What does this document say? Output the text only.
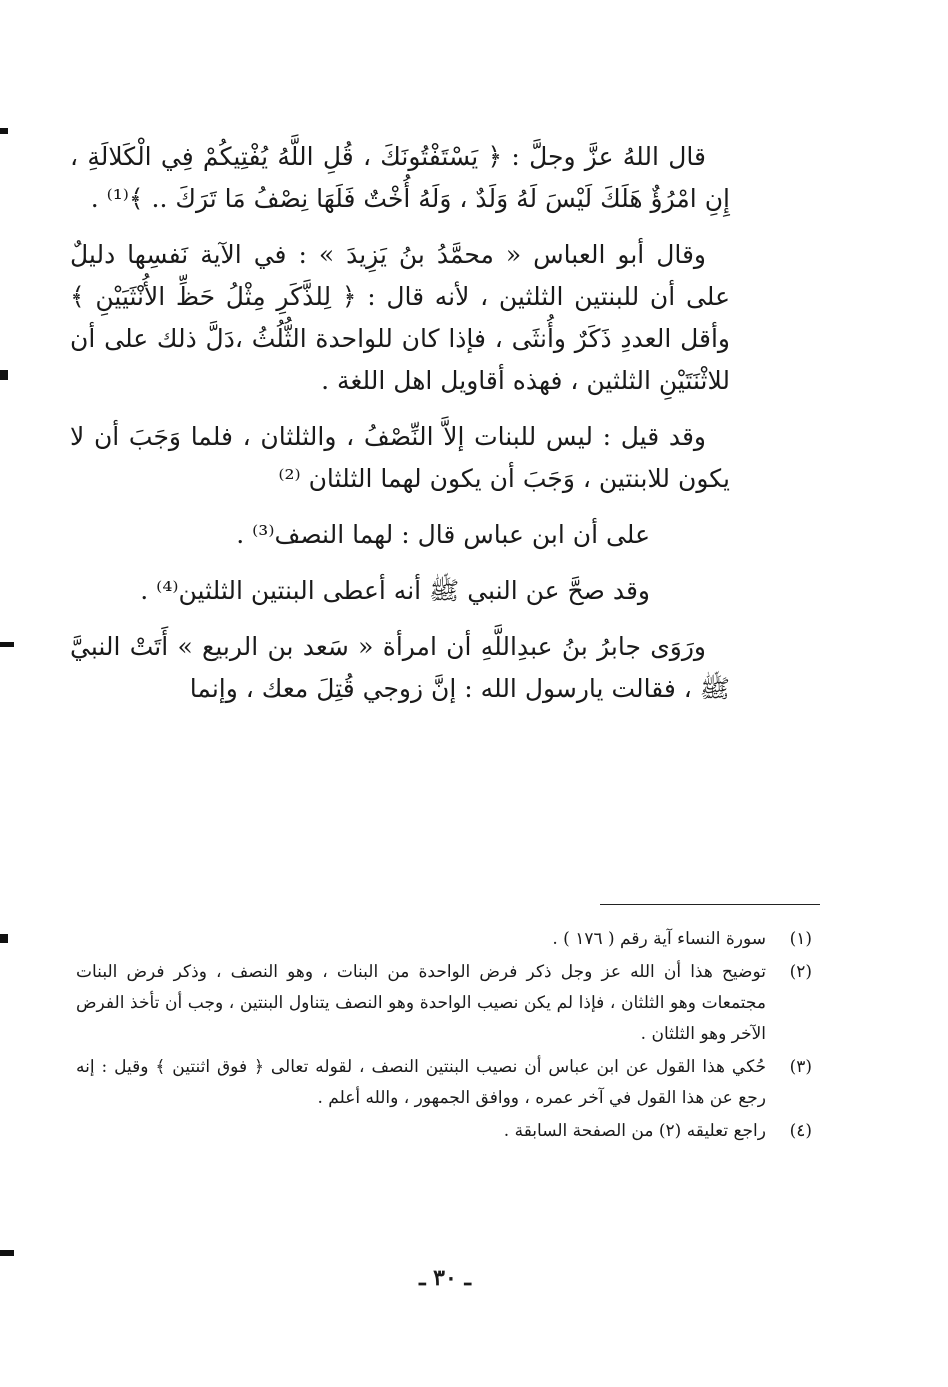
قال اللهُ عزَّ وجلَّ : ﴿ يَسْتَفْتُونَكَ ، قُلِ اللَّهُ يُفْتِيكُمْ فِي الْكَلالَةِ ، إِنِ امْرُؤٌ هَلَكَ لَيْسَ لَهُ وَلَدٌ ، وَلَهُ أُخْتٌ فَلَهَا نِصْفُ مَا تَرَكَ .. ﴾⁽¹⁾ .

وقال أبو العباس « محمَّدُ بنُ يَزِيدَ » : في الآية نَفسِها دليلٌ على أن للبنتين الثلثين ، لأنه قال : ﴿ لِلذَّكَرِ مِثْلُ حَظِّ الأُنْثَيَيْنِ ﴾ وأقل العددِ ذَكَرٌ وأُنثَى ، فإذا كان للواحدة الثُّلُثُ ،دَلَّ ذلك على أن للاثْنَتَيْنِ الثلثين ، فهذه أقاويل اهل اللغة .

وقد قيل : ليس للبنات إلاَّ النِّصْفُ ، والثلثان ، فلما وَجَبَ أن لا يكون للابنتين ، وَجَبَ أن يكون لهما الثلثان ⁽²⁾

على أن ابن عباس قال : لهما النصف⁽³⁾ .

وقد صحَّ عن النبي ﷺ أنه أعطى البنتين الثلثين⁽⁴⁾ .

ورَوَى جابرُ بنُ عبدِاللَّهِ أن امرأة « سَعد بن الربيع » أَتَتْ النبيَّ ﷺ ، فقالت يارسول الله : إنَّ زوجي قُتِلَ معك ، وإنما

(١)
سورة النساء آية رقم ( ١٧٦ ) .
(٢)
توضيح هذا أن الله عز وجل ذكر فرض الواحدة من البنات ، وهو النصف ، وذكر فرض البنات مجتمعات وهو الثلثان ، فإذا لم يكن نصيب الواحدة وهو النصف يتناول البنتين ، وجب أن تأخذ الفرض الآخر وهو الثلثان .
(٣)
حُكي هذا القول عن ابن عباس أن نصيب البنتين النصف ، لقوله تعالى ﴿ فوق اثنتين ﴾ وقيل : إنه رجع عن هذا القول في آخر عمره ، ووافق الجمهور ، والله أعلم .
(٤)
راجع تعليقه (٢) من الصفحة السابقة .
ـ ٣٠ ـ
